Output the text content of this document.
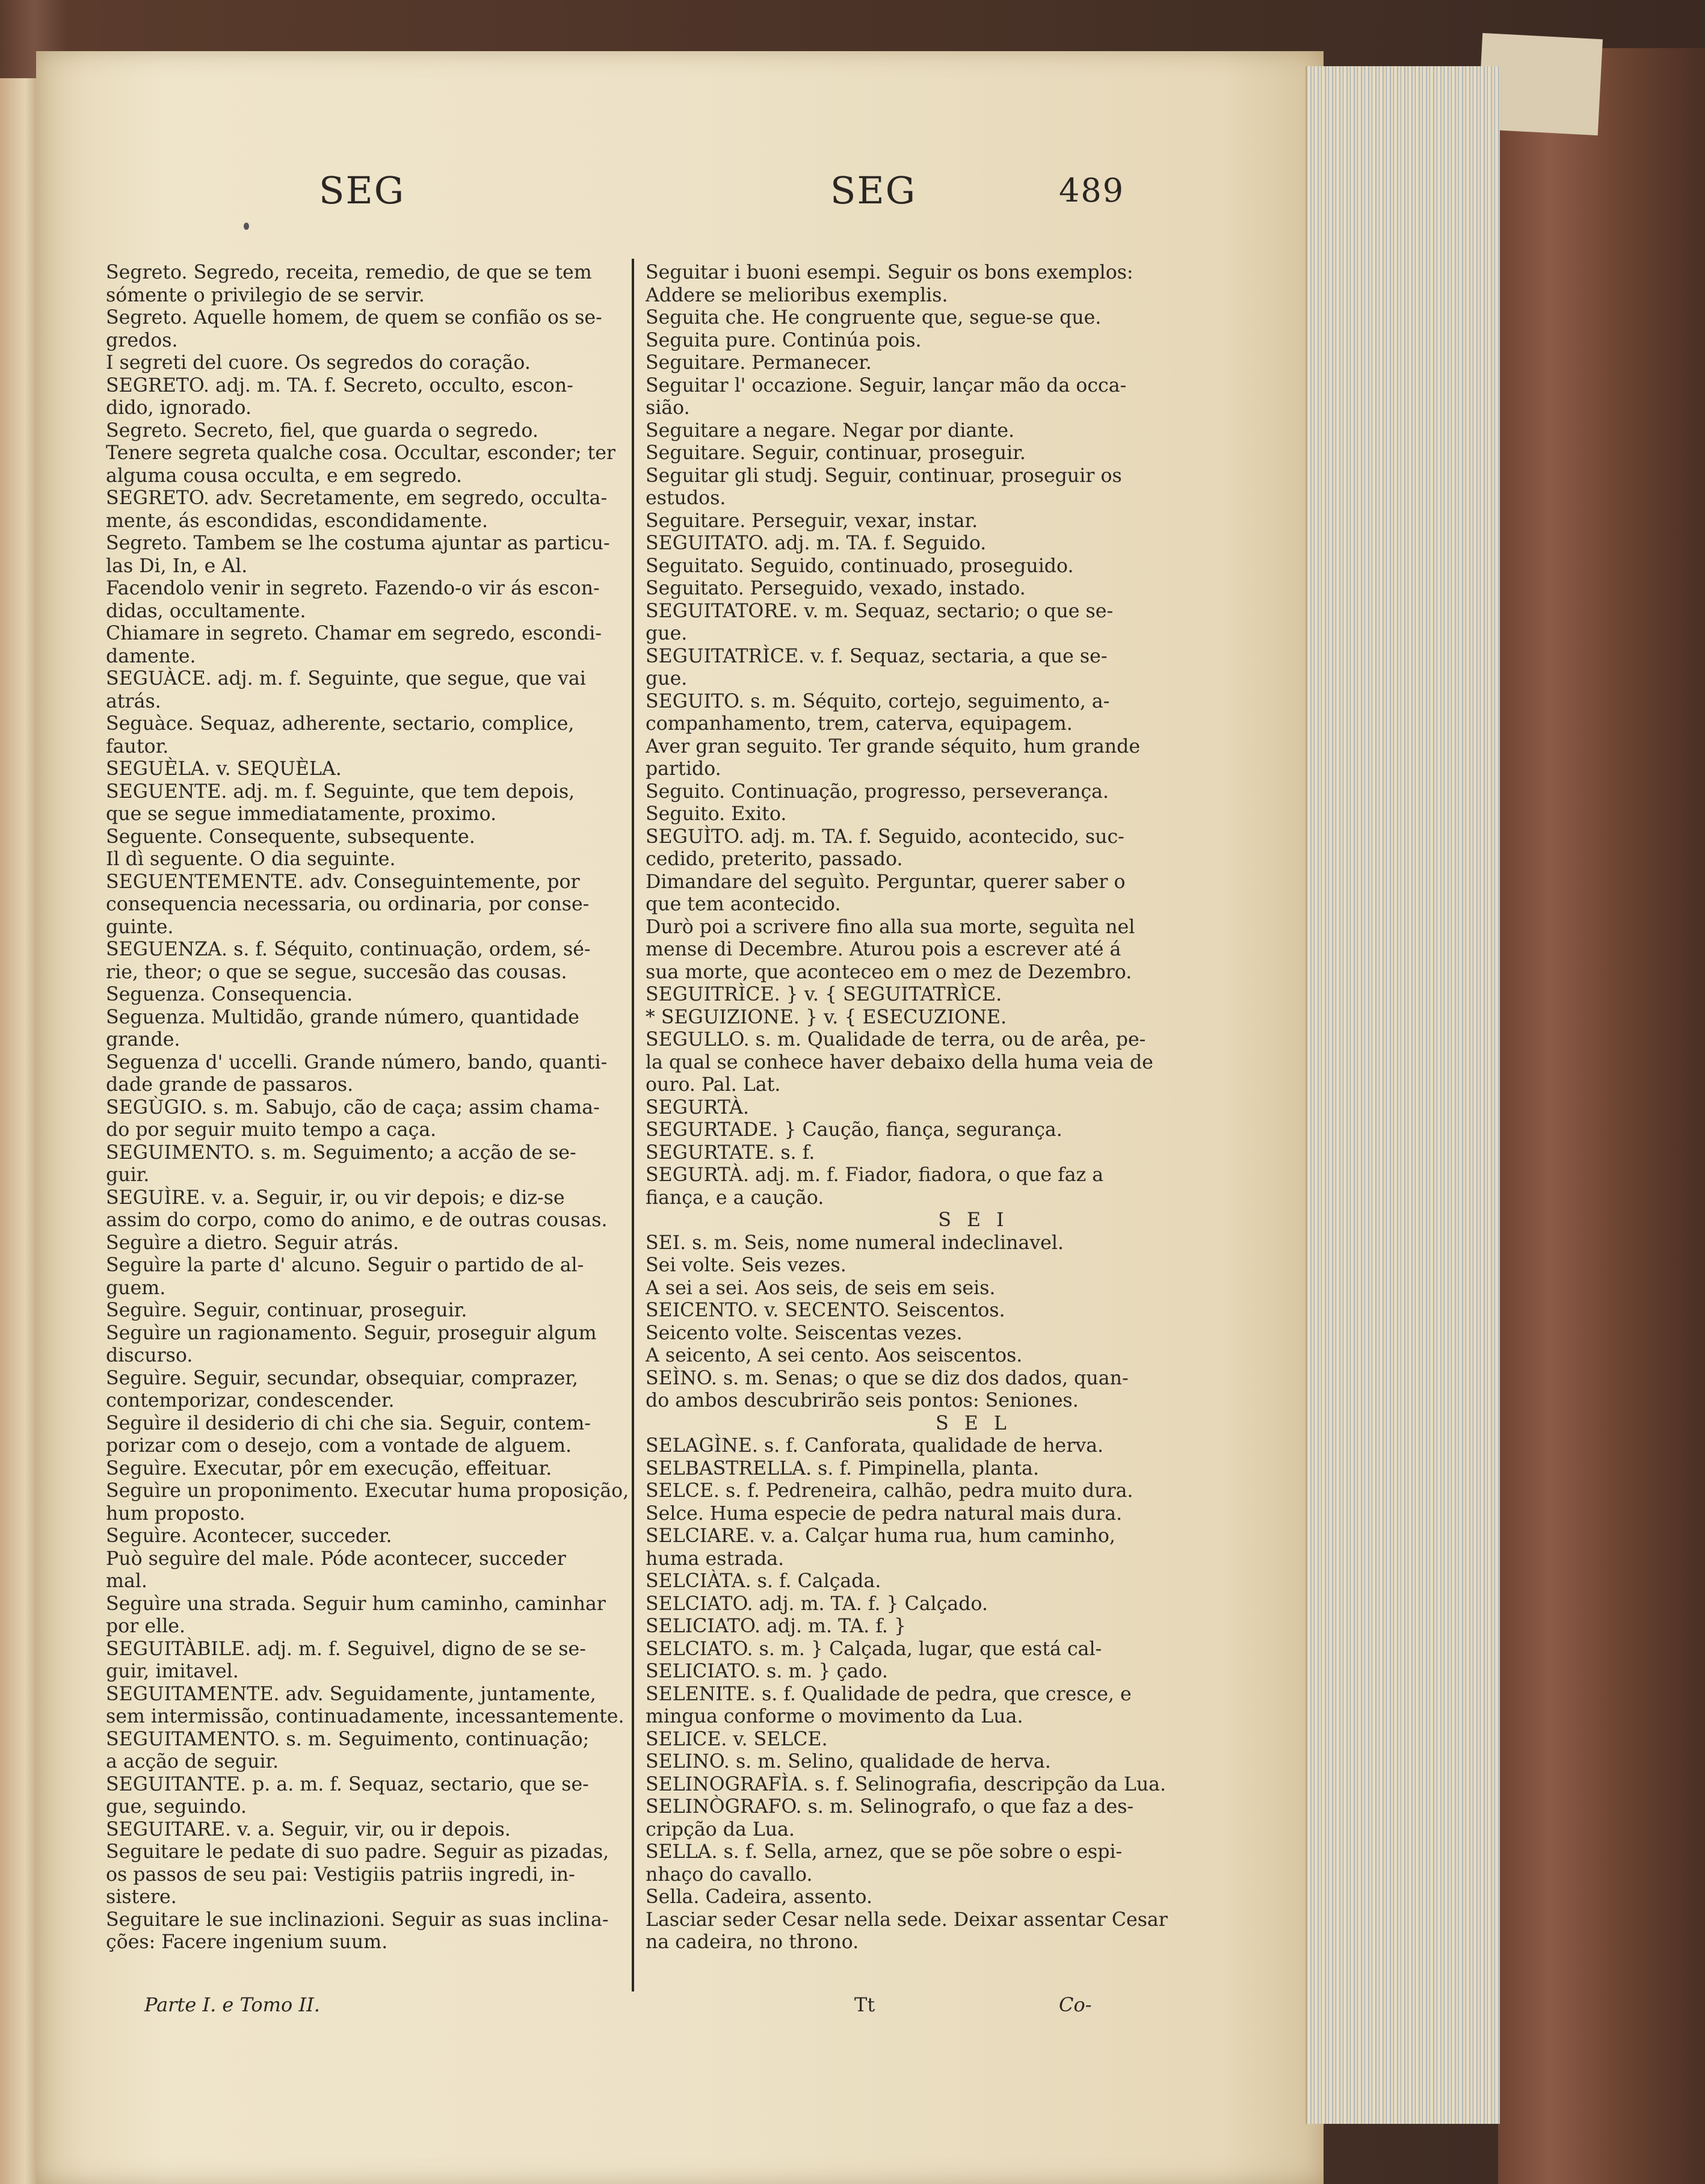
SEG	SEG	489
Segreto. Segredo, receita, remedio, de que se tem
sómente o privilegio de se servir.
Segreto. Aquelle homem, de quem se confião os se-
gredos.
I segreti del cuore. Os segredos do coração.
SEGRETO. adj. m. TA. f. Secreto, occulto, escon-
dido, ignorado.
Segreto. Secreto, fiel, que guarda o segredo.
Tenere segreta qualche cosa. Occultar, esconder; ter
alguma cousa occulta, e em segredo.
SEGRETO. adv. Secretamente, em segredo, occulta-
mente, ás escondidas, escondidamente.
Segreto. Tambem se lhe costuma ajuntar as particu-
las Di, In, e Al.
Facendolo venir in segreto. Fazendo-o vir ás escon-
didas, occultamente.
Chiamare in segreto. Chamar em segredo, escondi-
damente.
SEGUÀCE. adj. m. f. Seguinte, que segue, que vai
atrás.
Seguàce. Sequaz, adherente, sectario, complice,
fautor.
SEGUÈLA. v. SEQUÈLA.
SEGUENTE. adj. m. f. Seguinte, que tem depois,
que se segue immediatamente, proximo.
Seguente. Consequente, subsequente.
Il dì seguente. O dia seguinte.
SEGUENTEMENTE. adv. Conseguintemente, por
consequencia necessaria, ou ordinaria, por conse-
guinte.
SEGUENZA. s. f. Séquito, continuação, ordem, sé-
rie, theor; o que se segue, succesão das cousas.
Seguenza. Consequencia.
Seguenza. Multidão, grande número, quantidade
grande.
Seguenza d' uccelli. Grande número, bando, quanti-
dade grande de passaros.
SEGÙGIO. s. m. Sabujo, cão de caça; assim chama-
do por seguir muito tempo a caça.
SEGUIMENTO. s. m. Seguimento; a acção de se-
guir.
SEGUÌRE. v. a. Seguir, ir, ou vir depois; e diz-se
assim do corpo, como do animo, e de outras cousas.
Seguìre a dietro. Seguir atrás.
Seguìre la parte d' alcuno. Seguir o partido de al-
guem.
Seguìre. Seguir, continuar, proseguir.
Seguìre un ragionamento. Seguir, proseguir algum
discurso.
Seguìre. Seguir, secundar, obsequiar, comprazer,
contemporizar, condescender.
Seguìre il desiderio di chi che sia. Seguir, contem-
porizar com o desejo, com a vontade de alguem.
Seguìre. Executar, pôr em execução, effeituar.
Seguìre un proponimento. Executar huma proposição,
hum proposto.
Seguìre. Acontecer, succeder.
Può seguìre del male. Póde acontecer, succeder
mal.
Seguìre una strada. Seguir hum caminho, caminhar
por elle.
SEGUITÀBILE. adj. m. f. Seguivel, digno de se se-
guir, imitavel.
SEGUITAMENTE. adv. Seguidamente, juntamente,
sem intermissão, continuadamente, incessantemente.
SEGUITAMENTO. s. m. Seguimento, continuação;
a acção de seguir.
SEGUITANTE. p. a. m. f. Sequaz, sectario, que se-
gue, seguindo.
SEGUITARE. v. a. Seguir, vir, ou ir depois.
Seguitare le pedate di suo padre. Seguir as pizadas,
os passos de seu pai: Vestigiis patriis ingredi, in-
sistere.
Seguitare le sue inclinazioni. Seguir as suas inclina-
ções: Facere ingenium suum.
Seguitar i buoni esempi. Seguir os bons exemplos:
Addere se melioribus exemplis.
Seguita che. He congruente que, segue-se que.
Seguita pure. Continúa pois.
Seguitare. Permanecer.
Seguitar l' occazione. Seguir, lançar mão da occa-
sião.
Seguitare a negare. Negar por diante.
Seguitare. Seguir, continuar, proseguir.
Seguitar gli studj. Seguir, continuar, proseguir os
estudos.
Seguitare. Perseguir, vexar, instar.
SEGUITATO. adj. m. TA. f. Seguido.
Seguitato. Seguido, continuado, proseguido.
Seguitato. Perseguido, vexado, instado.
SEGUITATORE. v. m. Sequaz, sectario; o que se-
gue.
SEGUITATRÌCE. v. f. Sequaz, sectaria, a que se-
gue.
SEGUITO. s. m. Séquito, cortejo, seguimento, a-
companhamento, trem, caterva, equipagem.
Aver gran seguito. Ter grande séquito, hum grande
partido.
Seguito. Continuação, progresso, perseverança.
Seguito. Exito.
SEGUÌTO. adj. m. TA. f. Seguido, acontecido, suc-
cedido, preterito, passado.
Dimandare del seguìto. Perguntar, querer saber o
que tem acontecido.
Durò poi a scrivere fino alla sua morte, seguìta nel
mense di Decembre. Aturou pois a escrever até á
sua morte, que aconteceo em o mez de Dezembro.
SEGUITRÌCE. } v. { SEGUITATRÌCE.
* SEGUIZIONE. } v. { ESECUZIONE.
SEGULLO. s. m. Qualidade de terra, ou de arêa, pe-
la qual se conhece haver debaixo della huma veia de
ouro. Pal. Lat.
SEGURTÀ.
SEGURTADE. } Caução, fiança, segurança.
SEGURTATE. s. f.
SEGURTÀ. adj. m. f. Fiador, fiadora, o que faz a
fiança, e a caução.
S E I
SEI. s. m. Seis, nome numeral indeclinavel.
Sei volte. Seis vezes.
A sei a sei. Aos seis, de seis em seis.
SEICENTO. v. SECENTO. Seiscentos.
Seicento volte. Seiscentas vezes.
A seicento, A sei cento. Aos seiscentos.
SEÌNO. s. m. Senas; o que se diz dos dados, quan-
do ambos descubrirão seis pontos: Seniones.
S E L
SELAGÌNE. s. f. Canforata, qualidade de herva.
SELBASTRELLA. s. f. Pimpinella, planta.
SELCE. s. f. Pedreneira, calhão, pedra muito dura.
Selce. Huma especie de pedra natural mais dura.
SELCIARE. v. a. Calçar huma rua, hum caminho,
huma estrada.
SELCIÀTA. s. f. Calçada.
SELCIATO. adj. m. TA. f. } Calçado.
SELICIATO. adj. m. TA. f. }
SELCIATO. s. m. } Calçada, lugar, que está cal-
SELICIATO. s. m. } çado.
SELENITE. s. f. Qualidade de pedra, que cresce, e
mingua conforme o movimento da Lua.
SELICE. v. SELCE.
SELINO. s. m. Selino, qualidade de herva.
SELINOGRAFÌA. s. f. Selinografia, descripção da Lua.
SELINÒGRAFO. s. m. Selinografo, o que faz a des-
cripção da Lua.
SELLA. s. f. Sella, arnez, que se põe sobre o espi-
nhaço do cavallo.
Sella. Cadeira, assento.
Lasciar seder Cesar nella sede. Deixar assentar Cesar
na cadeira, no throno.
Parte I. e Tomo II.	Tt	Co-
